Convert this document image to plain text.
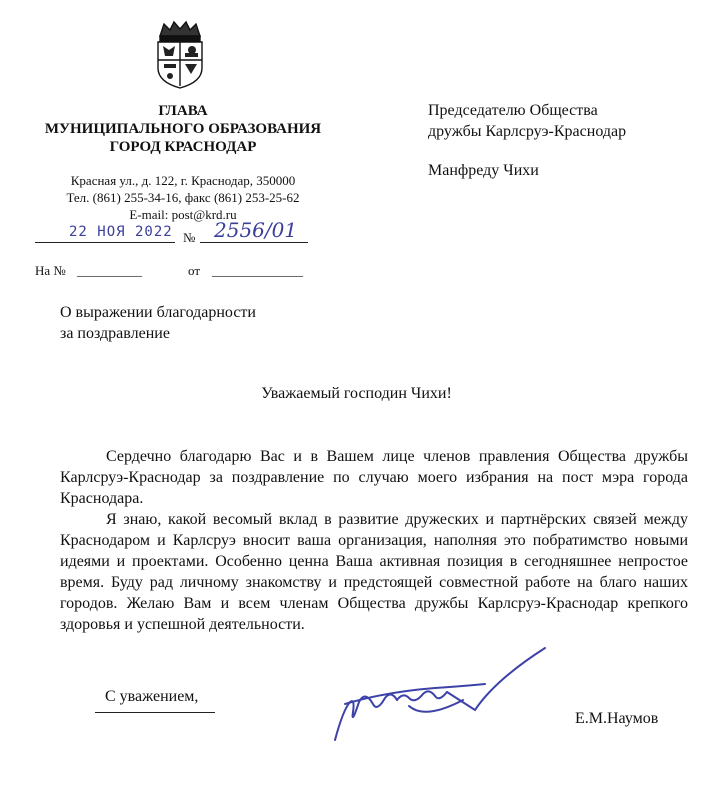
ГЛАВА
МУНИЦИПАЛЬНОГО ОБРАЗОВАНИЯ
ГОРОД КРАСНОДАР
Красная ул., д. 122, г. Краснодар, 350000
Тел. (861) 255-34-16, факс (861) 253-25-62
E-mail: post@krd.ru
22 НОЯ 2022 № 2556/01
На № __________	от ______________
Председателю Общества
дружбы Карлсруэ-Краснодар
Манфреду Чихи
О выражении благодарности
за поздравление
Уважаемый господин Чихи!

Сердечно благодарю Вас и в Вашем лице членов правления Общества дружбы Карлсруэ-Краснодар за поздравление по случаю моего избрания на пост мэра города Краснодара.

Я знаю, какой весомый вклад в развитие дружеских и партнёрских связей между Краснодаром и Карлсруэ вносит ваша организация, наполняя это побратимство новыми идеями и проектами. Особенно ценна Ваша активная позиция в сегодняшнее непростое время. Буду рад личному знакомству и предстоящей совместной работе на благо наших городов. Желаю Вам и всем членам Общества дружбы Карлсруэ-Краснодар крепкого здоровья и успешной деятельности.

С уважением,
Е.М.Наумов
